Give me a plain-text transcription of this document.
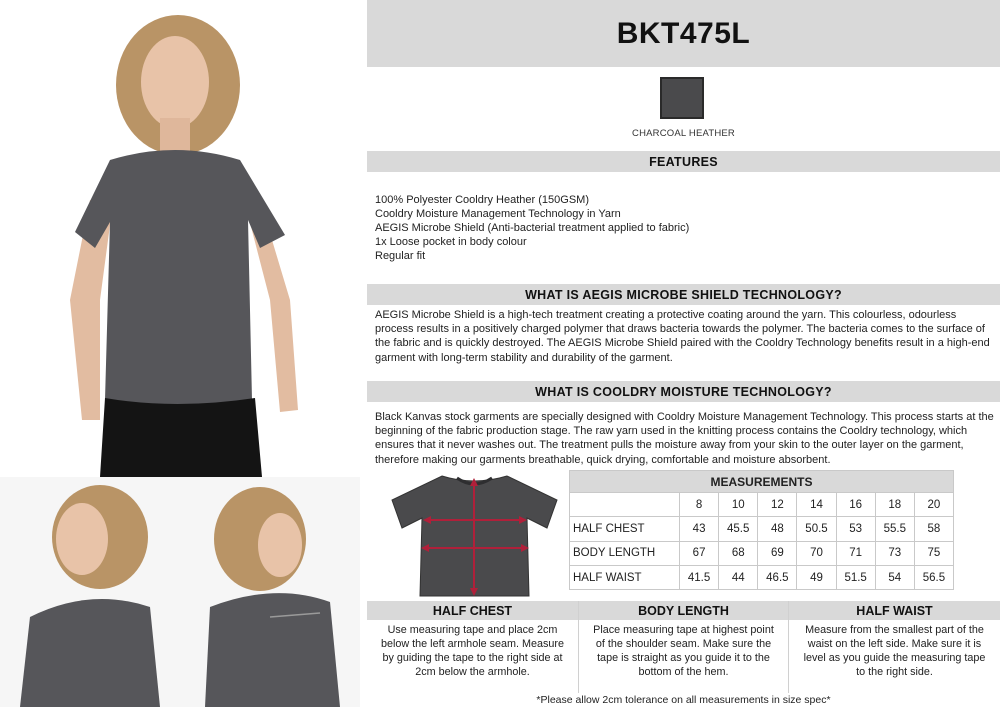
BKT475L
CHARCOAL HEATHER
FEATURES
100% Polyester Cooldry Heather (150GSM)
Cooldry Moisture Management Technology in Yarn
AEGIS Microbe Shield (Anti-bacterial treatment applied to fabric)
1x Loose pocket in body colour
Regular fit
WHAT IS AEGIS MICROBE SHIELD TECHNOLOGY?

AEGIS Microbe Shield is a high-tech treatment creating a protective coating around the yarn. This colourless, odourless process results in a positively charged polymer that draws bacteria towards the polymer. The bacteria comes to the surface of the fabric and is quickly destroyed. The AEGIS Microbe Shield paired with the Cooldry Technology benefits result in a high-end garment with long-term stability and durability of the garment.

WHAT IS COOLDRY MOISTURE TECHNOLOGY?

Black Kanvas stock garments are specially designed with Cooldry Moisture Management Technology. This process starts at the beginning of the fabric production stage. The raw yarn used in the knitting process contains the Cooldry technology, which ensures that it never washes out. The treatment pulls the moisture away from your skin to the outer layer on the garment, therefore making our garments breathable, quick drying, comfortable and moisture absorbent.

MEASUREMENTS							
	8	10	12	14	16	18	20
HALF CHEST	43	45.5	48	50.5	53	55.5	58
BODY LENGTH	67	68	69	70	71	73	75
HALF WAIST	41.5	44	46.5	49	51.5	54	56.5
HALF CHEST
Use measuring tape and place 2cm below the left armhole seam. Measure by guiding the tape to the right side at 2cm below the armhole.
BODY LENGTH
Place measuring tape at highest point of the shoulder seam. Make sure the tape is straight as you guide it to the bottom of the hem.
HALF WAIST
Measure from the smallest part of the waist on the left side. Make sure it is level as you guide the measuring tape to the right side.
*Please allow 2cm tolerance on all measurements in size spec*
